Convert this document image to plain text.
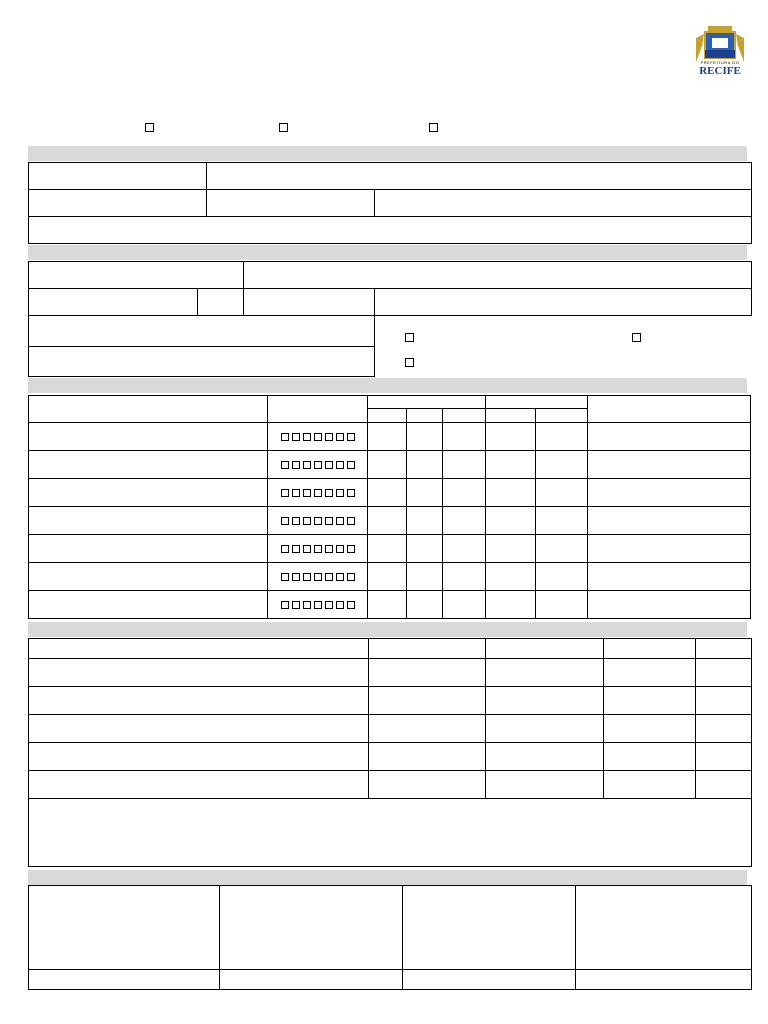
PREFEITURA DO
RECIFE
